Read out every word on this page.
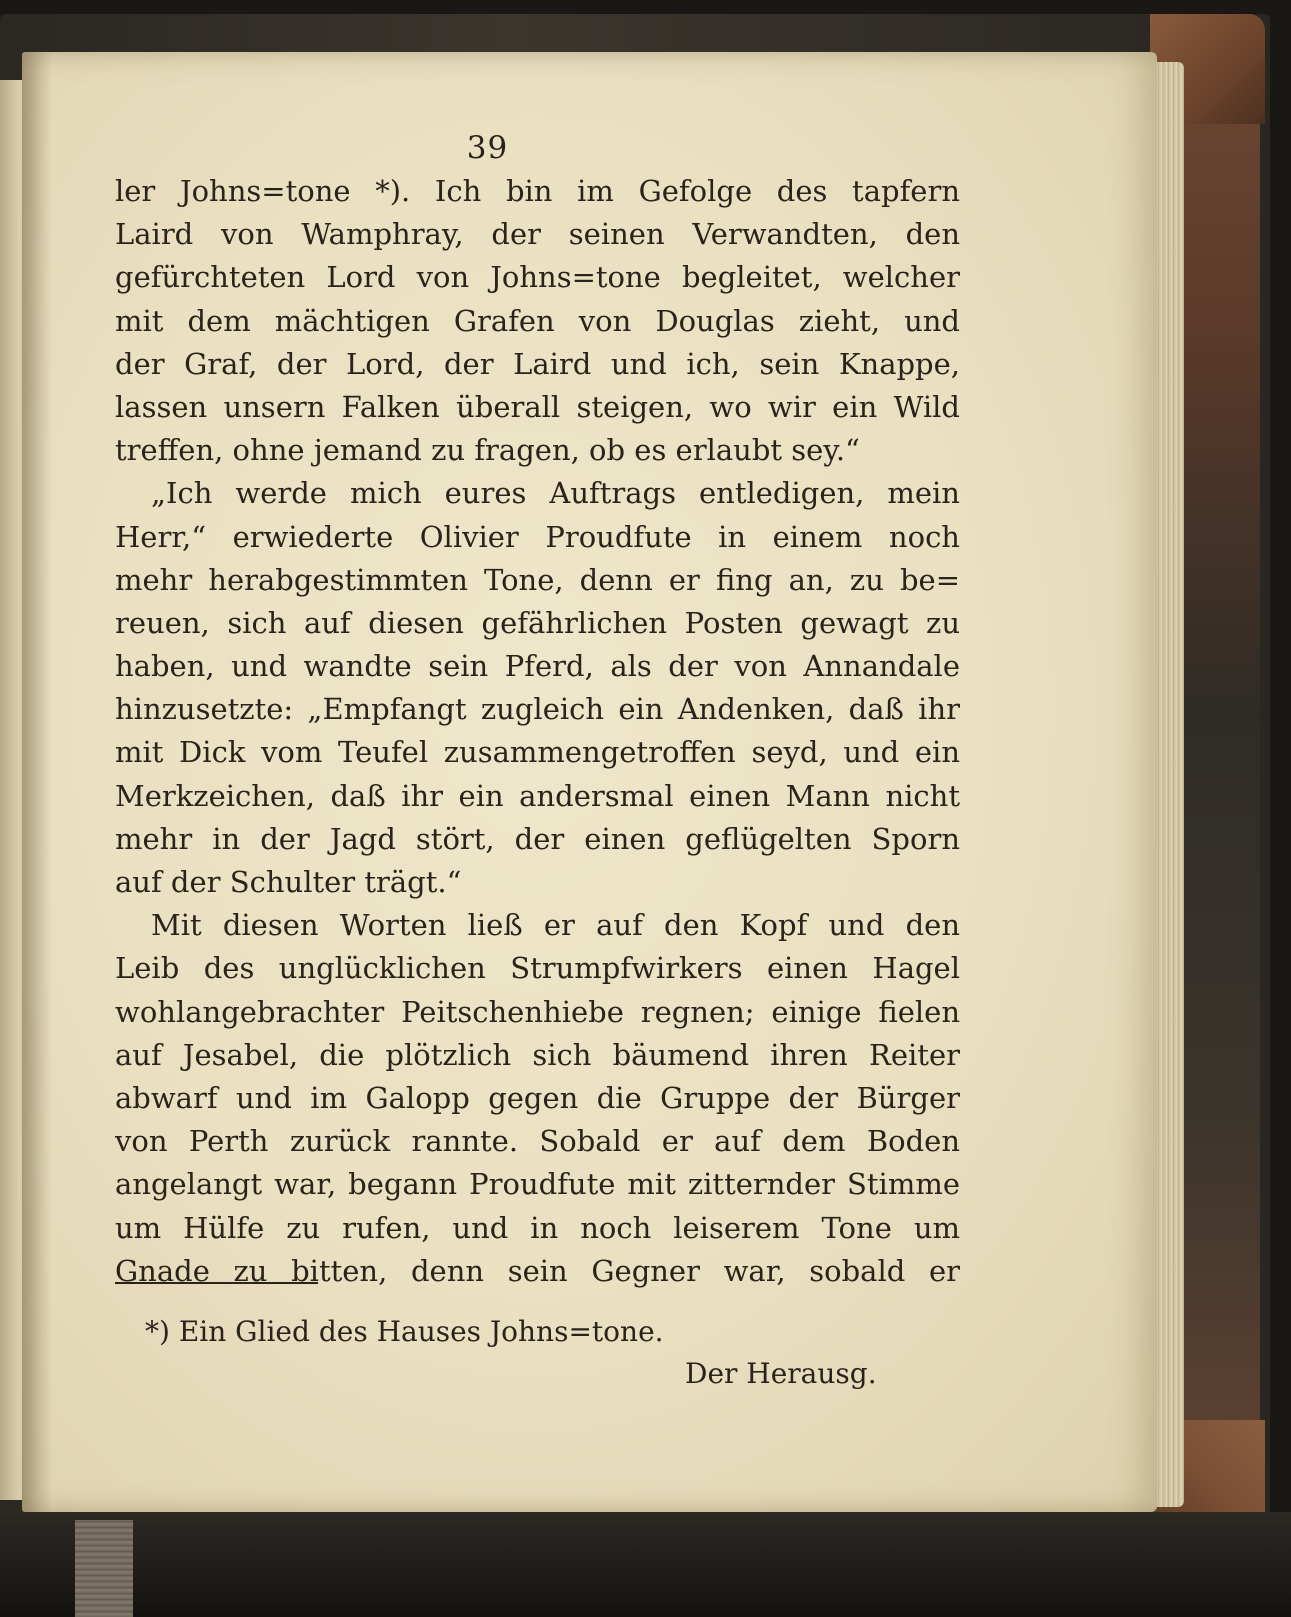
39
ler Johns=tone *). Ich bin im Gefolge des tapfern
Laird von Wamphray, der seinen Verwandten, den
gefürchteten Lord von Johns=tone begleitet, welcher
mit dem mächtigen Grafen von Douglas zieht, und
der Graf, der Lord, der Laird und ich, sein Knappe,
lassen unsern Falken überall steigen, wo wir ein Wild
treffen, ohne jemand zu fragen, ob es erlaubt sey.“
„Ich werde mich eures Auftrags entledigen, mein
Herr,“ erwiederte Olivier Proudfute in einem noch
mehr herabgestimmten Tone, denn er fing an, zu be=
reuen, sich auf diesen gefährlichen Posten gewagt zu
haben, und wandte sein Pferd, als der von Annandale
hinzusetzte: „Empfangt zugleich ein Andenken, daß ihr
mit Dick vom Teufel zusammengetroffen seyd, und ein
Merkzeichen, daß ihr ein andersmal einen Mann nicht
mehr in der Jagd stört, der einen geflügelten Sporn
auf der Schulter trägt.“
Mit diesen Worten ließ er auf den Kopf und den
Leib des unglücklichen Strumpfwirkers einen Hagel
wohlangebrachter Peitschenhiebe regnen; einige fielen
auf Jesabel, die plötzlich sich bäumend ihren Reiter
abwarf und im Galopp gegen die Gruppe der Bürger
von Perth zurück rannte. Sobald er auf dem Boden
angelangt war, begann Proudfute mit zitternder Stimme
um Hülfe zu rufen, und in noch leiserem Tone um
Gnade zu bitten, denn sein Gegner war, sobald er
*) Ein Glied des Hauses Johns=tone.
Der Herausg.
